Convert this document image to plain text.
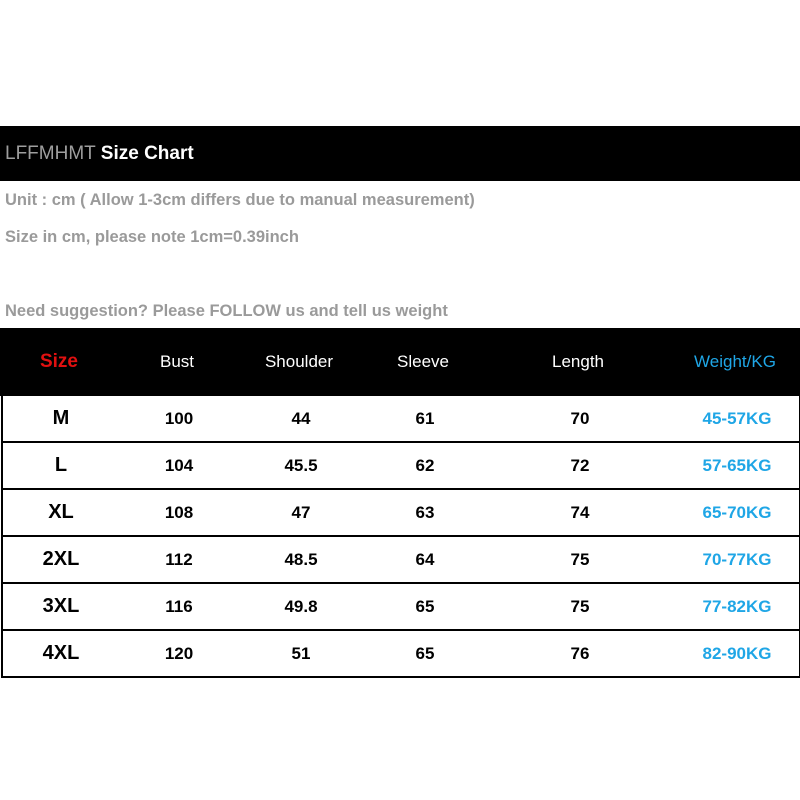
LFFMHMT Size Chart
Unit : cm ( Allow 1-3cm differs due to manual measurement)
Size in cm, please note 1cm=0.39inch
Need suggestion? Please FOLLOW us and tell us weight
Size	Bust	Shoulder	Sleeve	Length	Weight/KG
M	100	44	61	70	45-57KG
L	104	45.5	62	72	57-65KG
XL	108	47	63	74	65-70KG
2XL	112	48.5	64	75	70-77KG
3XL	116	49.8	65	75	77-82KG
4XL	120	51	65	76	82-90KG
